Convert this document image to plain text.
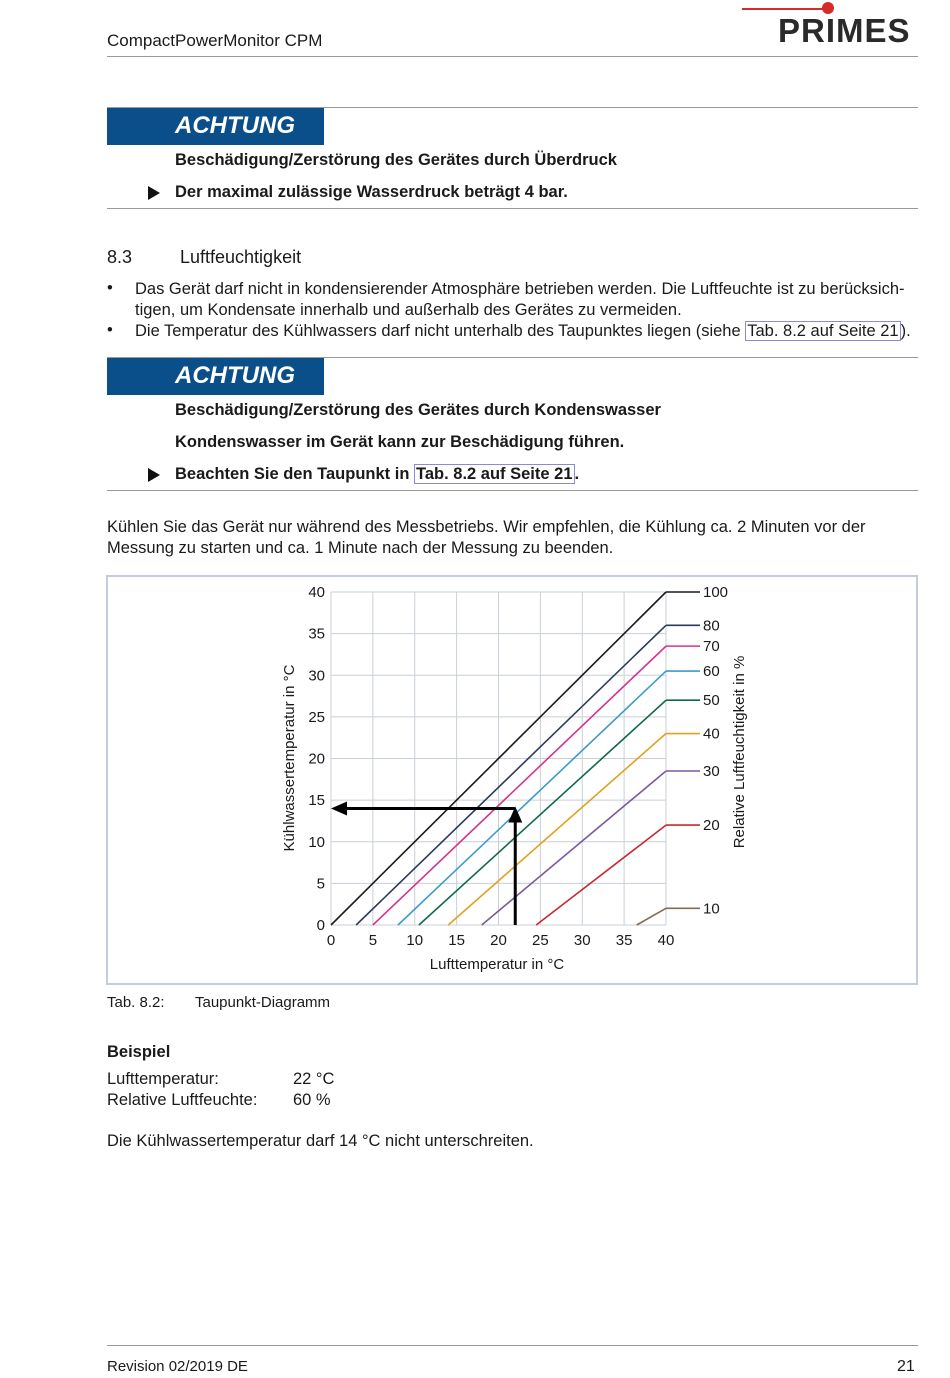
CompactPowerMonitor CPM	PRIMES
ACHTUNG
Beschädigung/Zerstörung des Gerätes durch Überdruck
Der maximal zulässige Wasserdruck beträgt 4 bar.
8.3	Luftfeuchtigkeit
• Das Gerät darf nicht in kondensierender Atmosphäre betrieben werden. Die Luftfeuchte ist zu berücksich-
tigen, um Kondensate innerhalb und außerhalb des Gerätes zu vermeiden.
• Die Temperatur des Kühlwassers darf nicht unterhalb des Taupunktes liegen (siehe Tab. 8.2 auf Seite 21 ).
ACHTUNG
Beschädigung/Zerstörung des Gerätes durch Kondenswasser
Kondenswasser im Gerät kann zur Beschädigung führen.
Beachten Sie den Taupunkt in Tab. 8.2 auf Seite 21 .
Kühlen Sie das Gerät nur während des Messbetriebs. Wir empfehlen, die Kühlung ca. 2 Minuten vor der
Messung zu starten und ca. 1 Minute nach der Messung zu beenden.
100
80
70
60
50
40
30
20
10
0 5 10 15 20 25 30 35 40
0
5
10
15
20
25
30
35
40
Lufttemperatur in °C
Kühlwassertemperatur in °C	Relative Luftfeuchtigkeit in %
Tab. 8.2: Taupunkt-Diagramm
Beispiel
Lufttemperatur:	22 °C
Relative Luftfeuchte: 60 %
Die Kühlwassertemperatur darf 14 °C nicht unterschreiten.
Revision 02/2019 DE	21
